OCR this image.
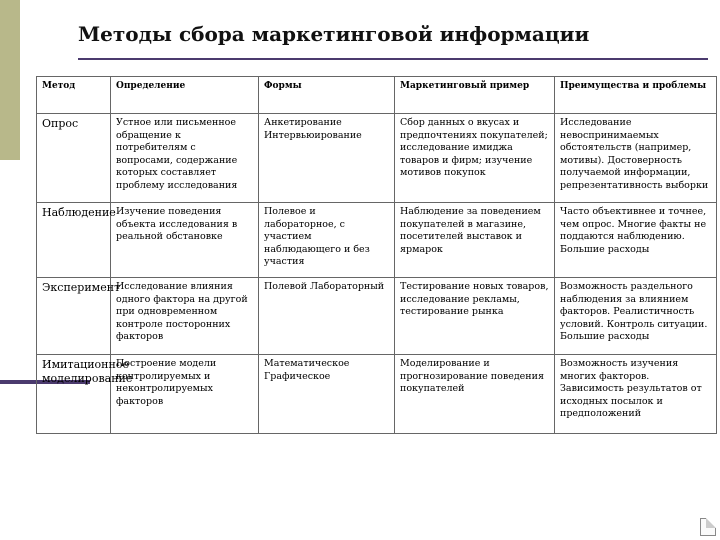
Методы сбора маркетинговой информации
Метод	Определение	Формы	Маркетинговый пример	Преимущества и проблемы
Опрос	Устное или письменное обращение к потребителям с вопросами, содержание которых составляет проблему исследования	Анкетирование Интервьюирование	Сбор данных о вкусах и предпочтениях покупателей; исследование имиджа товаров и фирм; изучение мотивов покупок	Исследование невоспринимаемых обстоятельств (например, мотивы). Достоверность получаемой информации, репрезентативность выборки
Наблюдение	Изучение поведения объекта исследования в реальной обстановке	Полевое и лабораторное, с участием наблюдающего и без участия	Наблюдение за поведением покупателей в магазине, посетителей выставок и ярмарок	Часто объективнее и точнее, чем опрос. Многие факты не поддаются наблюдению. Большие расходы
Эксперимент	Исследование влияния одного фактора на другой при одновременном контроле посторонних факторов	Полевой Лабораторный	Тестирование новых товаров, исследование рекламы, тестирование рынка	Возможность раздельного наблюдения за влиянием факторов. Реалистичность условий. Контроль ситуации. Большие расходы
Имитационное моделирование	Построение модели контролируемых и неконтролируемых факторов	Математическое Графическое	Моделирование и прогнозирование поведения покупателей	Возможность изучения многих факторов. Зависимость результатов от исходных посылок и предположений
